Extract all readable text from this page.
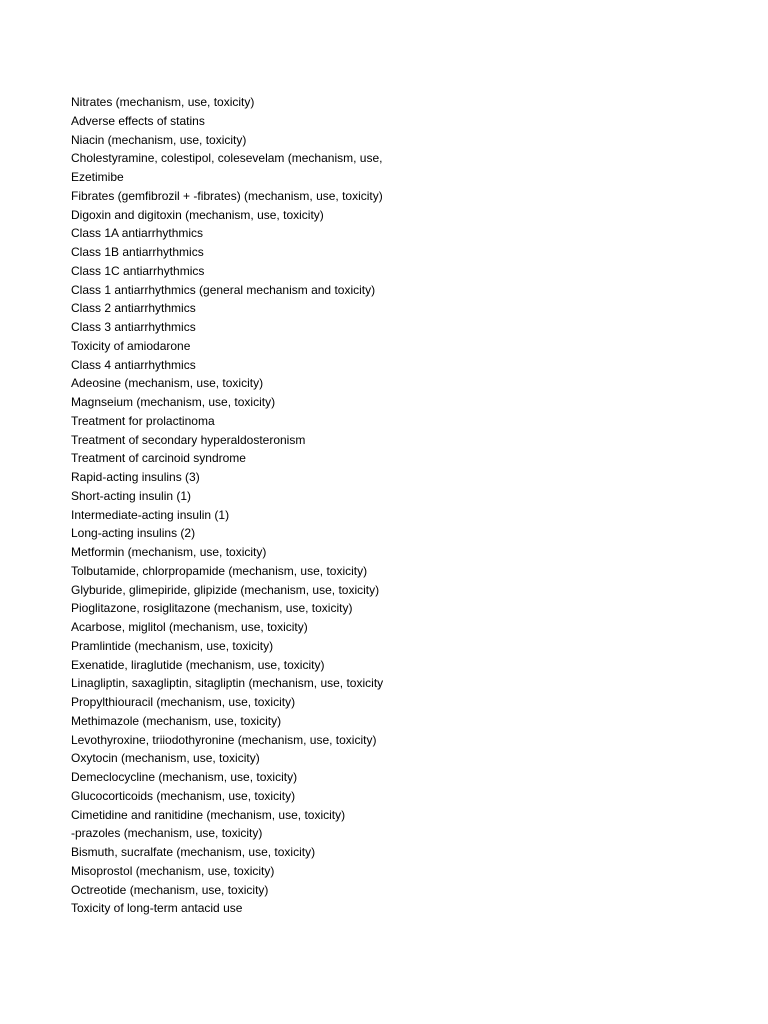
Nitrates (mechanism, use, toxicity)
Adverse effects of statins
Niacin (mechanism, use, toxicity)
Cholestyramine, colestipol, colesevelam (mechanism, use,
Ezetimibe
Fibrates (gemfibrozil + -fibrates) (mechanism, use, toxicity)
Digoxin and digitoxin (mechanism, use, toxicity)
Class 1A antiarrhythmics
Class 1B antiarrhythmics
Class 1C antiarrhythmics
Class 1 antiarrhythmics (general mechanism and toxicity)
Class 2 antiarrhythmics
Class 3 antiarrhythmics
Toxicity of amiodarone
Class 4 antiarrhythmics
Adeosine (mechanism, use, toxicity)
Magnseium (mechanism, use, toxicity)
Treatment for prolactinoma
Treatment of secondary hyperaldosteronism
Treatment of carcinoid syndrome
Rapid-acting insulins (3)
Short-acting insulin (1)
Intermediate-acting insulin (1)
Long-acting insulins (2)
Metformin (mechanism, use, toxicity)
Tolbutamide, chlorpropamide (mechanism, use, toxicity)
Glyburide, glimepiride, glipizide (mechanism, use, toxicity)
Pioglitazone, rosiglitazone (mechanism, use, toxicity)
Acarbose, miglitol (mechanism, use, toxicity)
Pramlintide (mechanism, use, toxicity)
Exenatide, liraglutide (mechanism, use, toxicity)
Linagliptin, saxagliptin, sitagliptin (mechanism, use, toxicity
Propylthiouracil (mechanism, use, toxicity)
Methimazole (mechanism, use, toxicity)
Levothyroxine, triiodothyronine (mechanism, use, toxicity)
Oxytocin (mechanism, use, toxicity)
Demeclocycline (mechanism, use, toxicity)
Glucocorticoids (mechanism, use, toxicity)
Cimetidine and ranitidine (mechanism, use, toxicity)
-prazoles (mechanism, use, toxicity)
Bismuth, sucralfate (mechanism, use, toxicity)
Misoprostol (mechanism, use, toxicity)
Octreotide (mechanism, use, toxicity)
Toxicity of long-term antacid use
